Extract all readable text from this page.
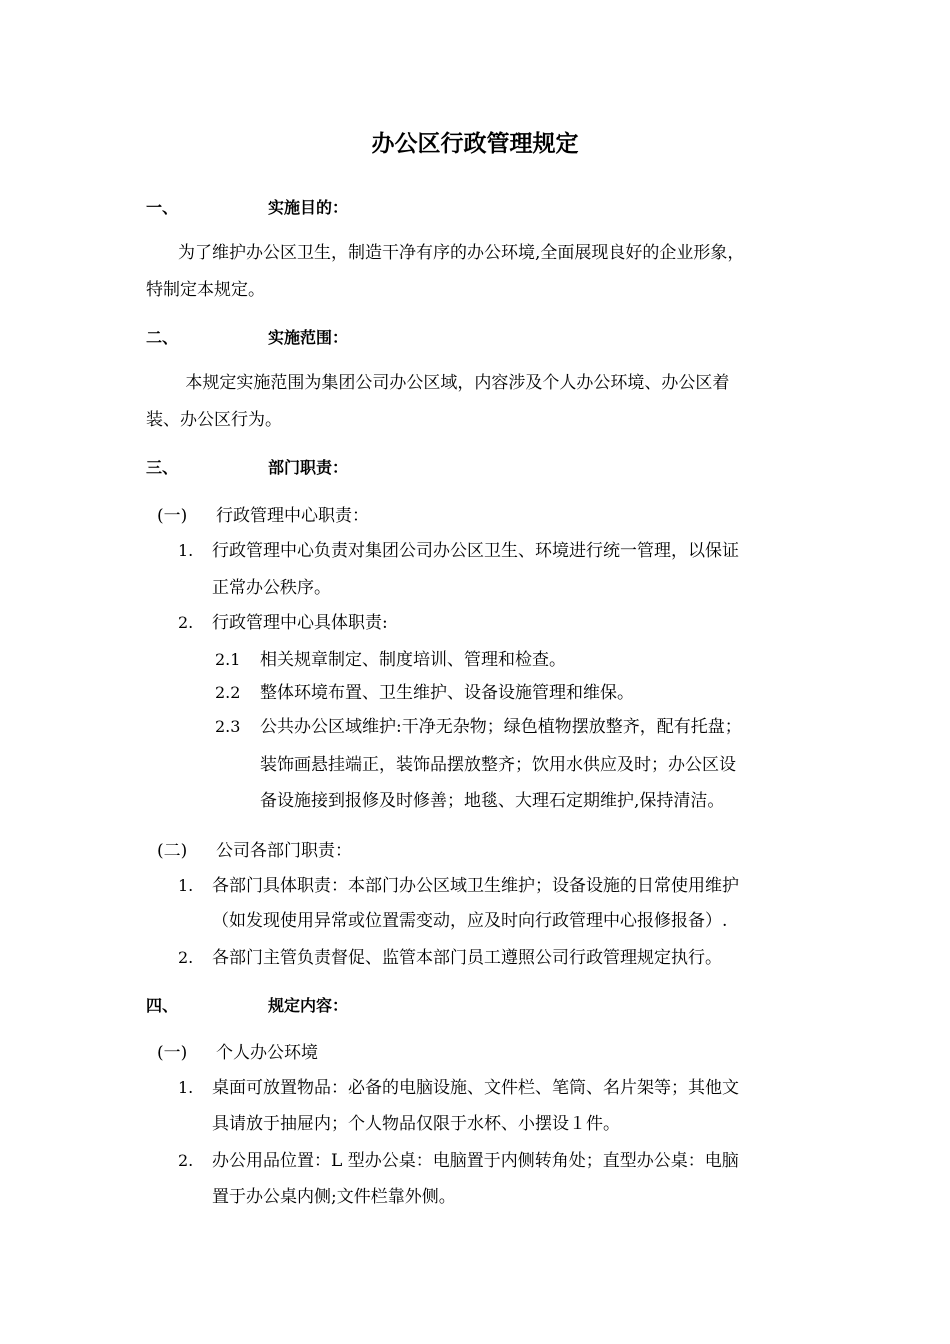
办公区行政管理规定
一、	实施目的：
为了维护办公区卫生，制造干净有序的办公环境,全面展现良好的企业形象，
特制定本规定。
二、	实施范围：
本规定实施范围为集团公司办公区域，内容涉及个人办公环境、办公区着
装、办公区行为。
三、	部门职责：
(一) 行政管理中心职责：
1. 行政管理中心负责对集团公司办公区卫生、环境进行统一管理，以保证
正常办公秩序。
2. 行政管理中心具体职责:
2.1 相关规章制定、制度培训、管理和检查。
2.2 整体环境布置、卫生维护、设备设施管理和维保。
2.3 公共办公区域维护:干净无杂物；绿色植物摆放整齐，配有托盘；
装饰画悬挂端正，装饰品摆放整齐；饮用水供应及时；办公区设
备设施接到报修及时修善；地毯、大理石定期维护,保持清洁。
(二) 公司各部门职责：
1. 各部门具体职责：本部门办公区域卫生维护；设备设施的日常使用维护
（如发现使用异常或位置需变动，应及时向行政管理中心报修报备）.
2. 各部门主管负责督促、监管本部门员工遵照公司行政管理规定执行。
四、	规定内容：
(一) 个人办公环境
1. 桌面可放置物品：必备的电脑设施、文件栏、笔筒、名片架等；其他文
具请放于抽屉内；个人物品仅限于水杯、小摆设１件。
2. 办公用品位置：L 型办公桌：电脑置于内侧转角处；直型办公桌：电脑
置于办公桌内侧;文件栏靠外侧。
